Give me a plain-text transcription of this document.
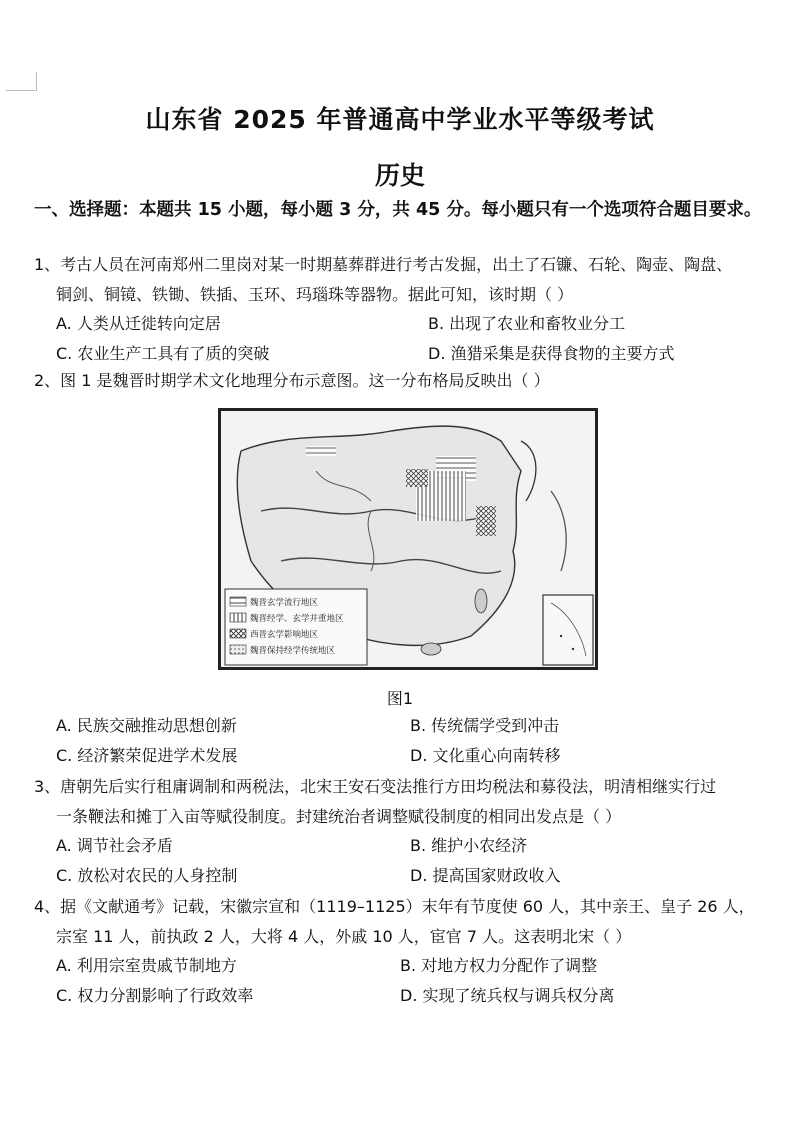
山东省 2025 年普通高中学业水平等级考试
历史
一、选择题：本题共 15 小题，每小题 3 分，共 45 分。每小题只有一个选项符合题目要求。
1、考古人员在河南郑州二里岗对某一时期墓葬群进行考古发掘，出土了石镰、石轮、陶壶、陶盘、
铜剑、铜镜、铁锄、铁插、玉环、玛瑙珠等器物。据此可知，该时期（ ）
A. 人类从迁徙转向定居	B. 出现了农业和畜牧业分工
C. 农业生产工具有了质的突破	D. 渔猎采集是获得食物的主要方式
2、图 1 是魏晋时期学术文化地理分布示意图。这一分布格局反映出（ ）
魏晋玄学流行地区
魏晋经学、玄学并重地区
西晋玄学影响地区
魏晋保持经学传统地区
图1
A. 民族交融推动思想创新	B. 传统儒学受到冲击
C. 经济繁荣促进学术发展	D. 文化重心向南转移
3、唐朝先后实行租庸调制和两税法，北宋王安石变法推行方田均税法和募役法，明清相继实行过
一条鞭法和摊丁入亩等赋役制度。封建统治者调整赋役制度的相同出发点是（ ）
A. 调节社会矛盾	B. 维护小农经济
C. 放松对农民的人身控制	D. 提高国家财政收入
4、据《文献通考》记载，宋徽宗宣和（1119–1125）末年有节度使 60 人，其中亲王、皇子 26 人，
宗室 11 人，前执政 2 人，大将 4 人，外戚 10 人，宦官 7 人。这表明北宋（ ）
A. 利用宗室贵戚节制地方	B. 对地方权力分配作了调整
C. 权力分割影响了行政效率	D. 实现了统兵权与调兵权分离
